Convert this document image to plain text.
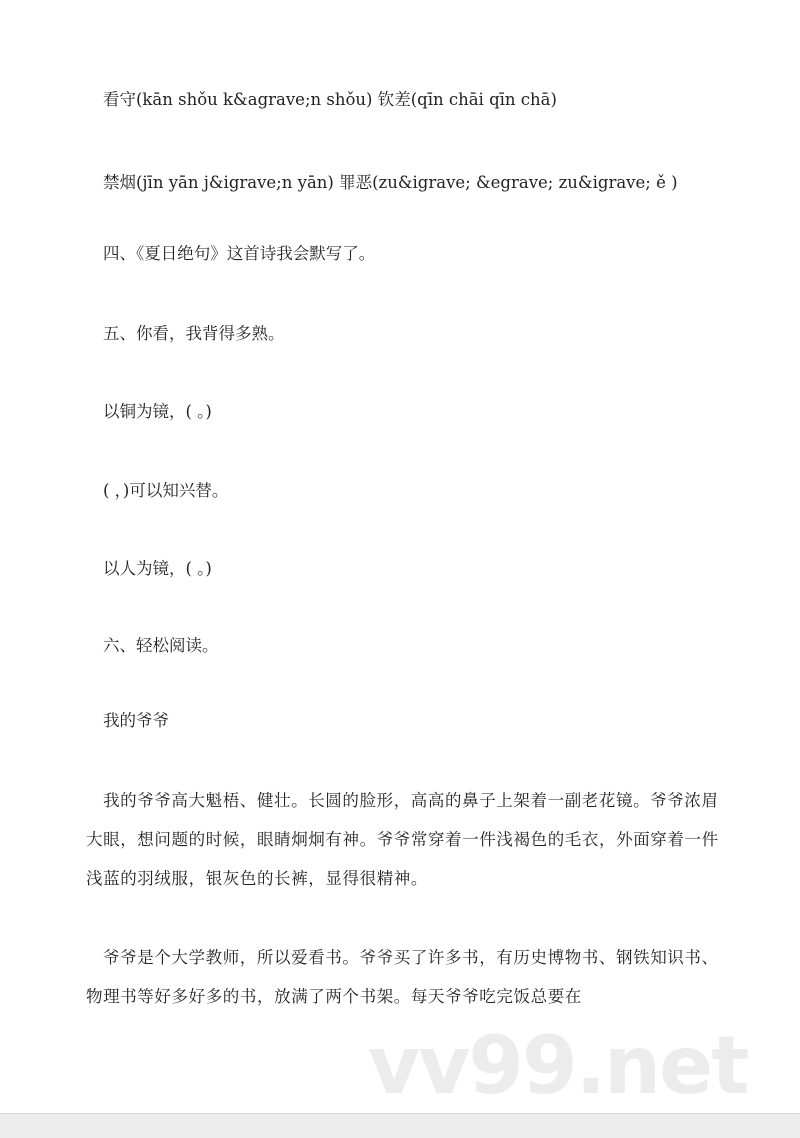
看守(kān shǒu k&agrave;n shǒu) 钦差(qīn chāi qīn chā)
禁烟(jīn yān j&igrave;n yān) 罪恶(zu&igrave; &egrave; zu&igrave; ě )
四、《夏日绝句》这首诗我会默写了。
五、你看，我背得多熟。
以铜为镜，( 。)
( ，)可以知兴替。
以人为镜，( 。)
六、轻松阅读。
我的爷爷
我的爷爷高大魁梧、健壮。长圆的脸形，高高的鼻子上架着一副老花镜。爷爷浓眉大眼，想问题的时候，眼睛炯炯有神。爷爷常穿着一件浅褐色的毛衣，外面穿着一件浅蓝的羽绒服，银灰色的长裤，显得很精神。
爷爷是个大学教师，所以爱看书。爷爷买了许多书，有历史博物书、钢铁知识书、物理书等好多好多的书，放满了两个书架。每天爷爷吃完饭总要在
vv99.net
